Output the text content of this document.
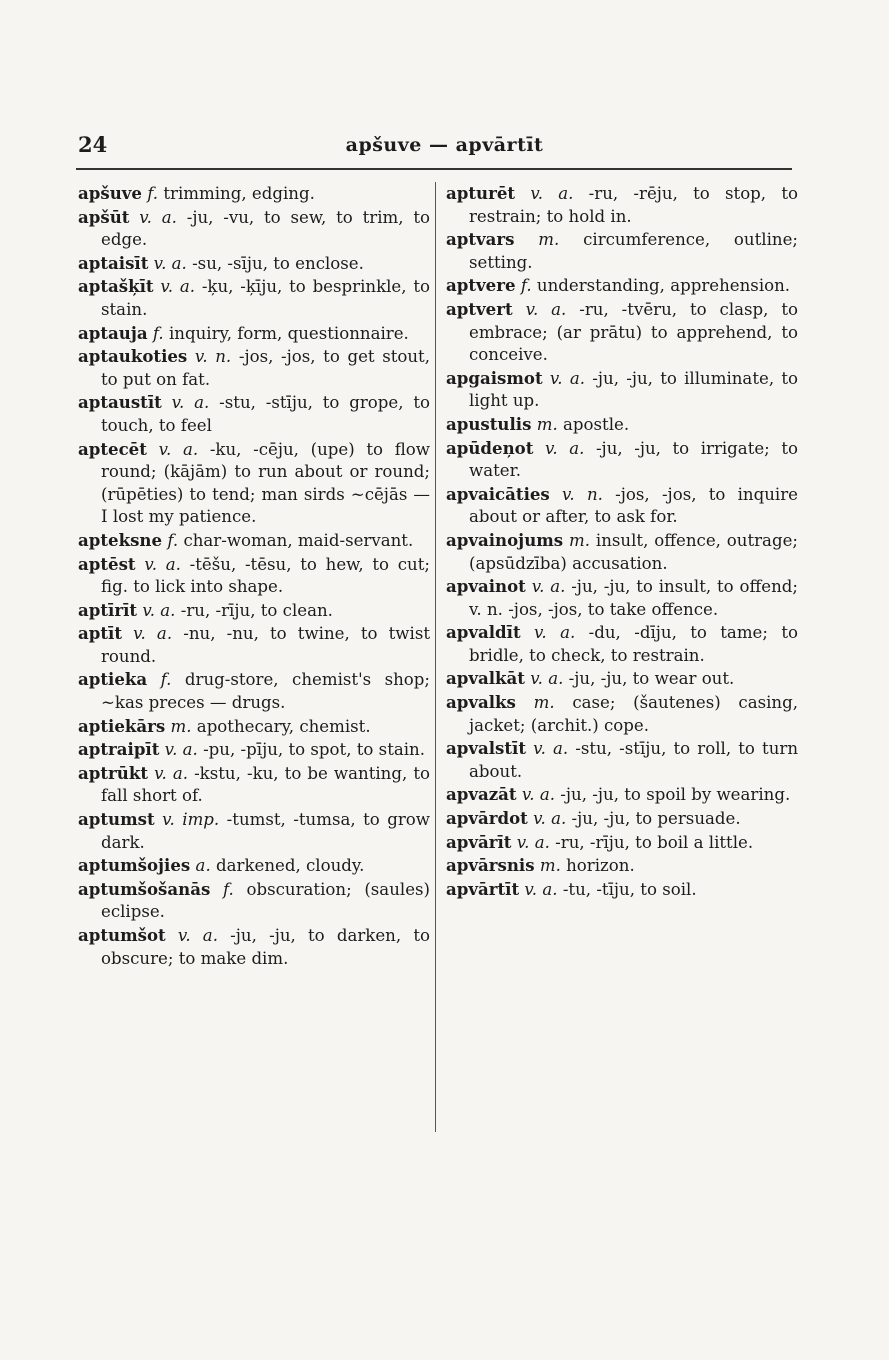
24	apšuve — apvārtīt
apšuve f. trimming, edging.
apšūt v. a. -ju, -vu, to sew, to trim, to edge.
aptaisīt v. a. -su, -sīju, to enclose.
aptašķīt v. a. -ķu, -ķīju, to besprinkle, to stain.
aptauja f. inquiry, form, questionnaire.
aptaukoties v. n. -jos, -jos, to get stout, to put on fat.
aptaustīt v. a. -stu, -stīju, to grope, to touch, to feel
aptecēt v. a. -ku, -cēju, (upe) to flow round; (kājām) to run about or round; (rūpēties) to tend; man sirds ~cējās — I lost my patience.
apteksne f. char-woman, maid-servant.
aptēst v. a. -tēšu, -tēsu, to hew, to cut; fig. to lick into shape.
aptīrīt v. a. -ru, -rīju, to clean.
aptīt v. a. -nu, -nu, to twine, to twist round.
aptieka f. drug-store, chemist's shop; ~kas preces — drugs.
aptiekārs m. apothecary, chemist.
aptraipīt v. a. -pu, -pīju, to spot, to stain.
aptrūkt v. a. -kstu, -ku, to be wanting, to fall short of.
aptumst v. imp. -tumst, -tumsa, to grow dark.
aptumšojies a. darkened, cloudy.
aptumšošanās f. obscuration; (saules) eclipse.
aptumšot v. a. -ju, -ju, to darken, to obscure; to make dim.
apturēt v. a. -ru, -rēju, to stop, to restrain; to hold in.
aptvars m. circumference, outline; setting.
aptvere f. understanding, apprehension.
aptvert v. a. -ru, -tvēru, to clasp, to embrace; (ar prātu) to apprehend, to conceive.
apgaismot v. a. -ju, -ju, to illuminate, to light up.
apustulis m. apostle.
apūdeņot v. a. -ju, -ju, to irrigate; to water.
apvaicāties v. n. -jos, -jos, to inquire about or after, to ask for.
apvainojums m. insult, offence, outrage; (apsūdzība) accusation.
apvainot v. a. -ju, -ju, to insult, to offend; v. n. -jos, -jos, to take offence.
apvaldīt v. a. -du, -dīju, to tame; to bridle, to check, to restrain.
apvalkāt v. a. -ju, -ju, to wear out.
apvalks m. case; (šautenes) casing, jacket; (archit.) cope.
apvalstīt v. a. -stu, -stīju, to roll, to turn about.
apvazāt v. a. -ju, -ju, to spoil by wearing.
apvārdot v. a. -ju, -ju, to persuade.
apvārīt v. a. -ru, -rīju, to boil a little.
apvārsnis m. horizon.
apvārtīt v. a. -tu, -tīju, to soil.
